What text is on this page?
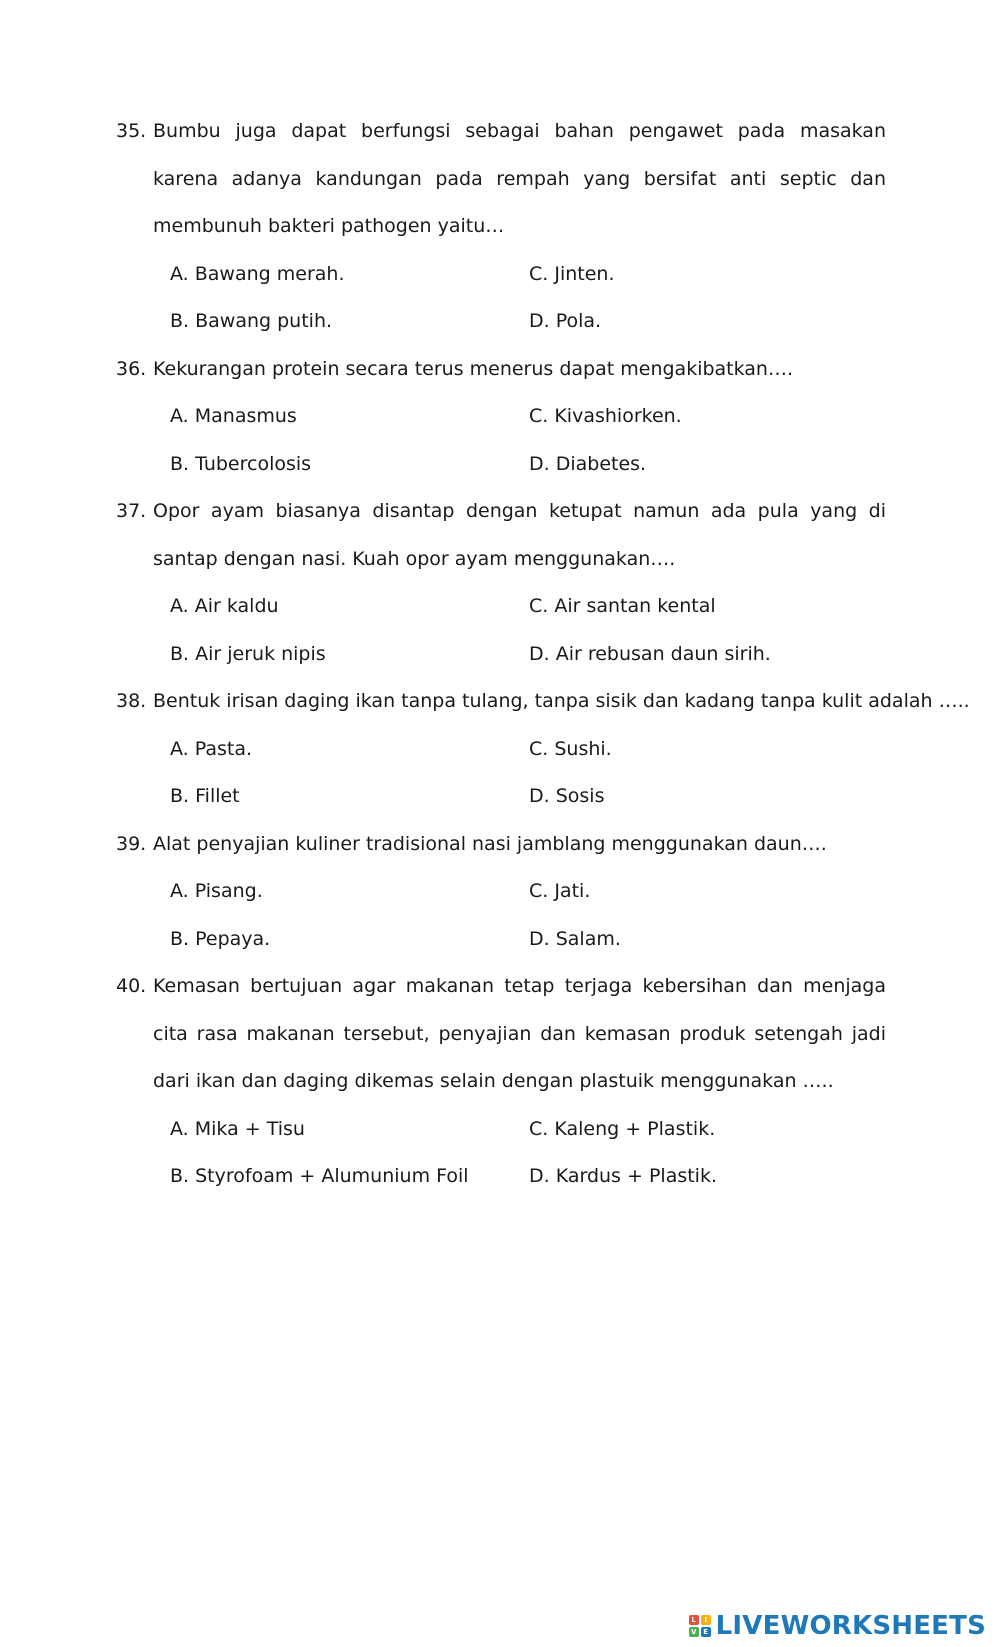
35. Bumbu juga dapat berfungsi sebagai bahan pengawet pada masakan karena adanya kandungan pada rempah yang bersifat anti septic dan membunuh bakteri pathogen yaitu…
A. Bawang merah.
B. Bawang putih.
C. Jinten.
D. Pola.
36. Kekurangan protein secara terus menerus dapat mengakibatkan….
A. Manasmus
B. Tubercolosis
C. Kivashiorken.
D. Diabetes.
37. Opor ayam biasanya disantap dengan ketupat namun ada pula yang di santap dengan nasi. Kuah opor ayam menggunakan….
A. Air kaldu
B. Air jeruk nipis
C. Air santan kental
D. Air rebusan daun sirih.
38. Bentuk irisan daging ikan tanpa tulang, tanpa sisik dan kadang tanpa kulit adalah …..
A. Pasta.
B. Fillet
C. Sushi.
D. Sosis
39. Alat penyajian kuliner tradisional nasi jamblang menggunakan daun….
A. Pisang.
B. Pepaya.
C. Jati.
D. Salam.
40. Kemasan bertujuan agar makanan tetap terjaga kebersihan dan menjaga cita rasa makanan tersebut, penyajian dan kemasan produk setengah jadi dari ikan dan daging dikemas selain dengan plastuik menggunakan …..
A. Mika + Tisu
B. Styrofoam + Alumunium Foil
C. Kaleng + Plastik.
D. Kardus + Plastik.
L	I
V E LIVEWORKSHEETS
